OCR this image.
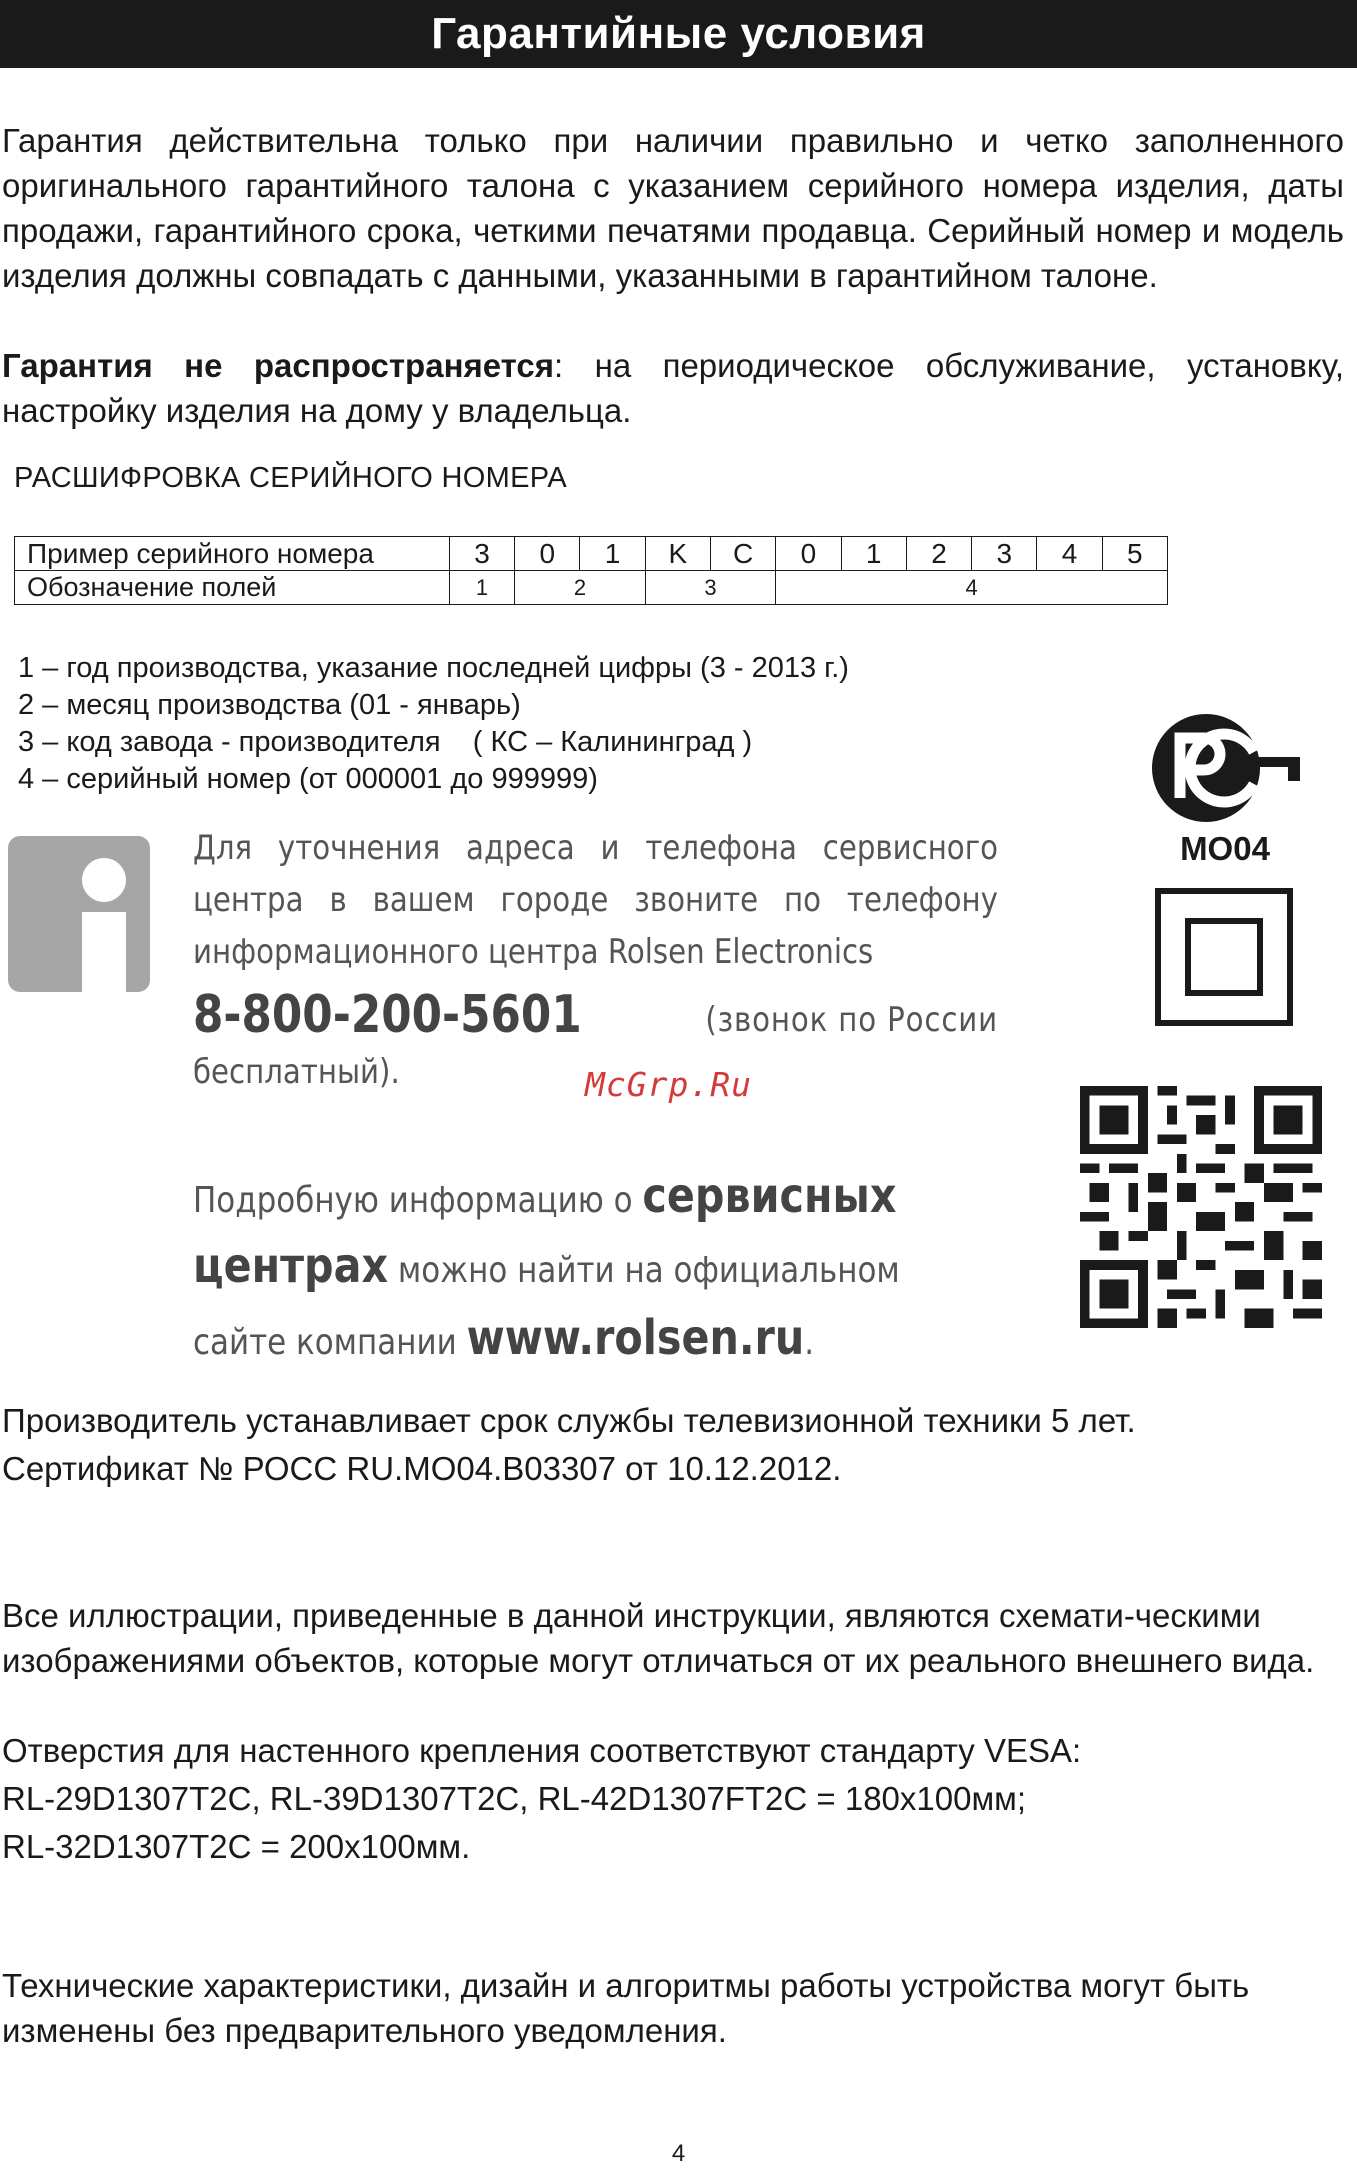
Гарантийные условия

Гарантия действительна только при наличии правильно и четко заполненного оригинального гарантийного талона с указанием серийного номера изделия, даты продажи, гарантийного срока, четкими печатями продавца. Серийный номер и модель изделия должны совпадать с данными, указанными в гарантийном талоне.

Гарантия не распространяется: на периодическое обслуживание, установку, настройку изделия на дому у владельца.

РАСШИФРОВКА СЕРИЙНОГО НОМЕРА
Пример серийного номера	3	0	1	K	C	0	1	2	3	4	5
Обозначение полей	1	2		3		4					
1 – год производства, указание последней цифры (3 - 2013 г.)
2 – месяц производства (01 - январь)
3 – код завода - производителя    ( КС – Калининград )
4 – серийный номер (от 000001 до 999999)
Для уточнения адреса и телефона сервисного центра в вашем городе звоните по телефону информационного центра Rolsen Electronics
8-800-200-5601	(звонок по России
бесплатный).	McGrp.Ru
Подробную информацию о сервисных
центрах можно найти на официальном
сайте компании www.rolsen.ru.
МО04

Производитель устанавливает срок службы телевизионной техники 5 лет.

Сертификат № РОСС RU.МО04.В03307 от 10.12.2012.

Все иллюстрации, приведенные в данной инструкции, являются схемати-ческими изображениями объектов, которые могут отличаться от их реального внешнего вида.

Отверстия для настенного крепления соответствуют стандарту VESA:

RL-29D1307T2C, RL-39D1307T2C, RL-42D1307FT2C = 180х100мм;

RL-32D1307T2C = 200х100мм.

Технические характеристики, дизайн и алгоритмы работы устройства могут быть изменены без предварительного уведомления.

4
